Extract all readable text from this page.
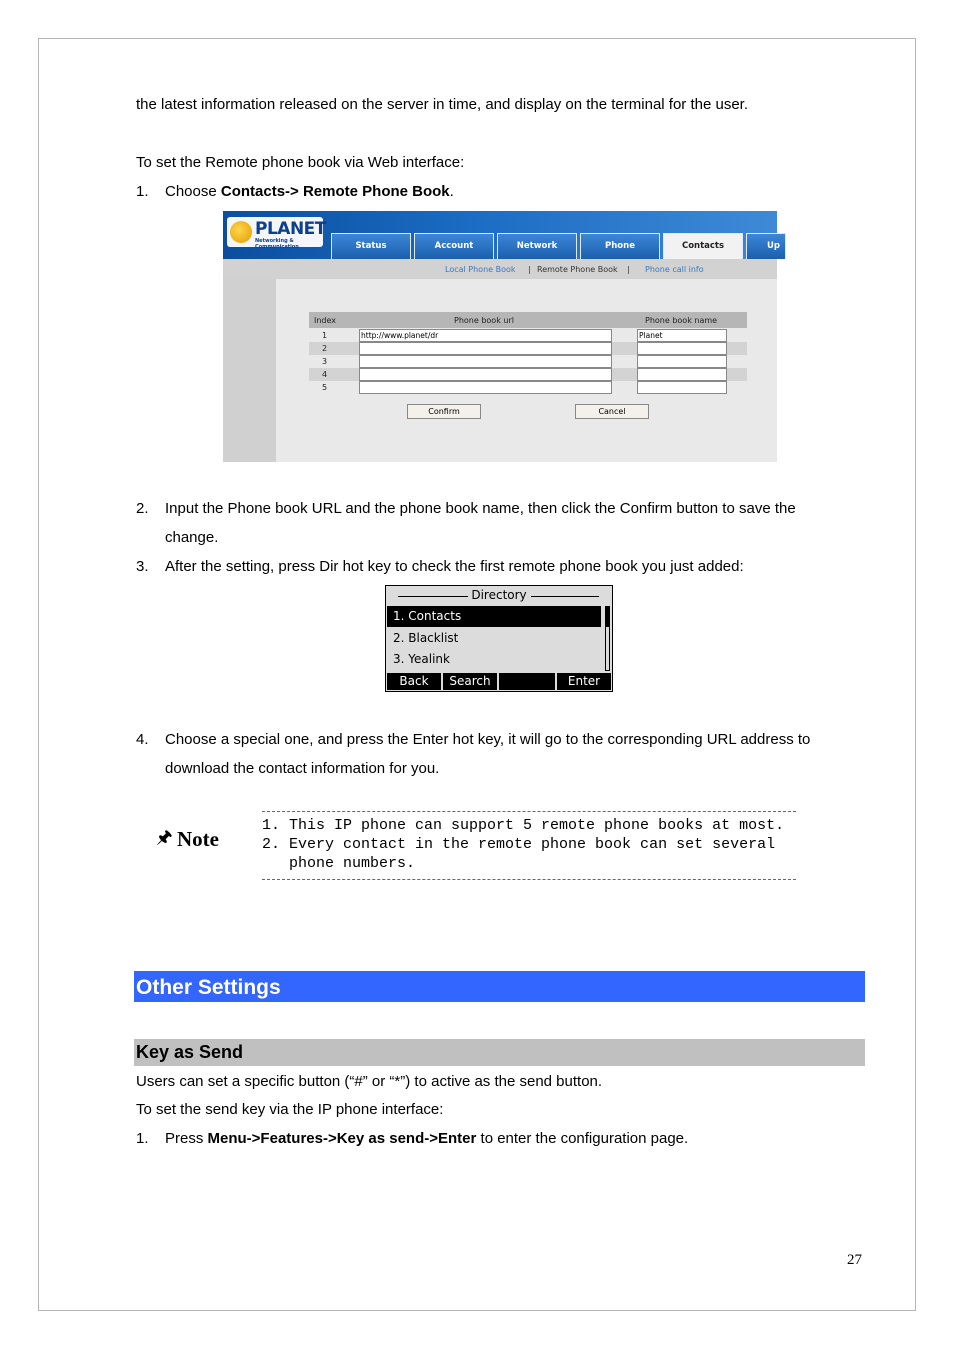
the latest information released on the server in time, and display on the terminal for the user.
To set the Remote phone book via Web interface:
1. Choose Contacts-> Remote Phone Book.
PLANET
Networking & Communication	Status	Account	Network	Phone	Contacts	Up
Local Phone Book | Remote Phone Book | Phone call info
Index	Phone book url	Phone book name
1	http://www.planet/dr	Planet
2
3
4
5
Confirm	Cancel
2. Input the Phone book URL and the phone book name, then click the Confirm button to save the
change.
3. After the setting, press Dir hot key to check the first remote phone book you just added:
Directory
1. Contacts
2. Blacklist
3. Yealink
Back	Search	Enter
4. Choose a special one, and press the Enter hot key, it will go to the corresponding URL address to
download the contact information for you.
🖈︎ Note
1. This IP phone can support 5 remote phone books at most.
2. Every contact in the remote phone book can set several
phone numbers.
Other Settings
Key as Send
Users can set a specific button (“#” or “*”) to active as the send button.
To set the send key via the IP phone interface:
1. Press Menu->Features->Key as send->Enter to enter the configuration page.
27
